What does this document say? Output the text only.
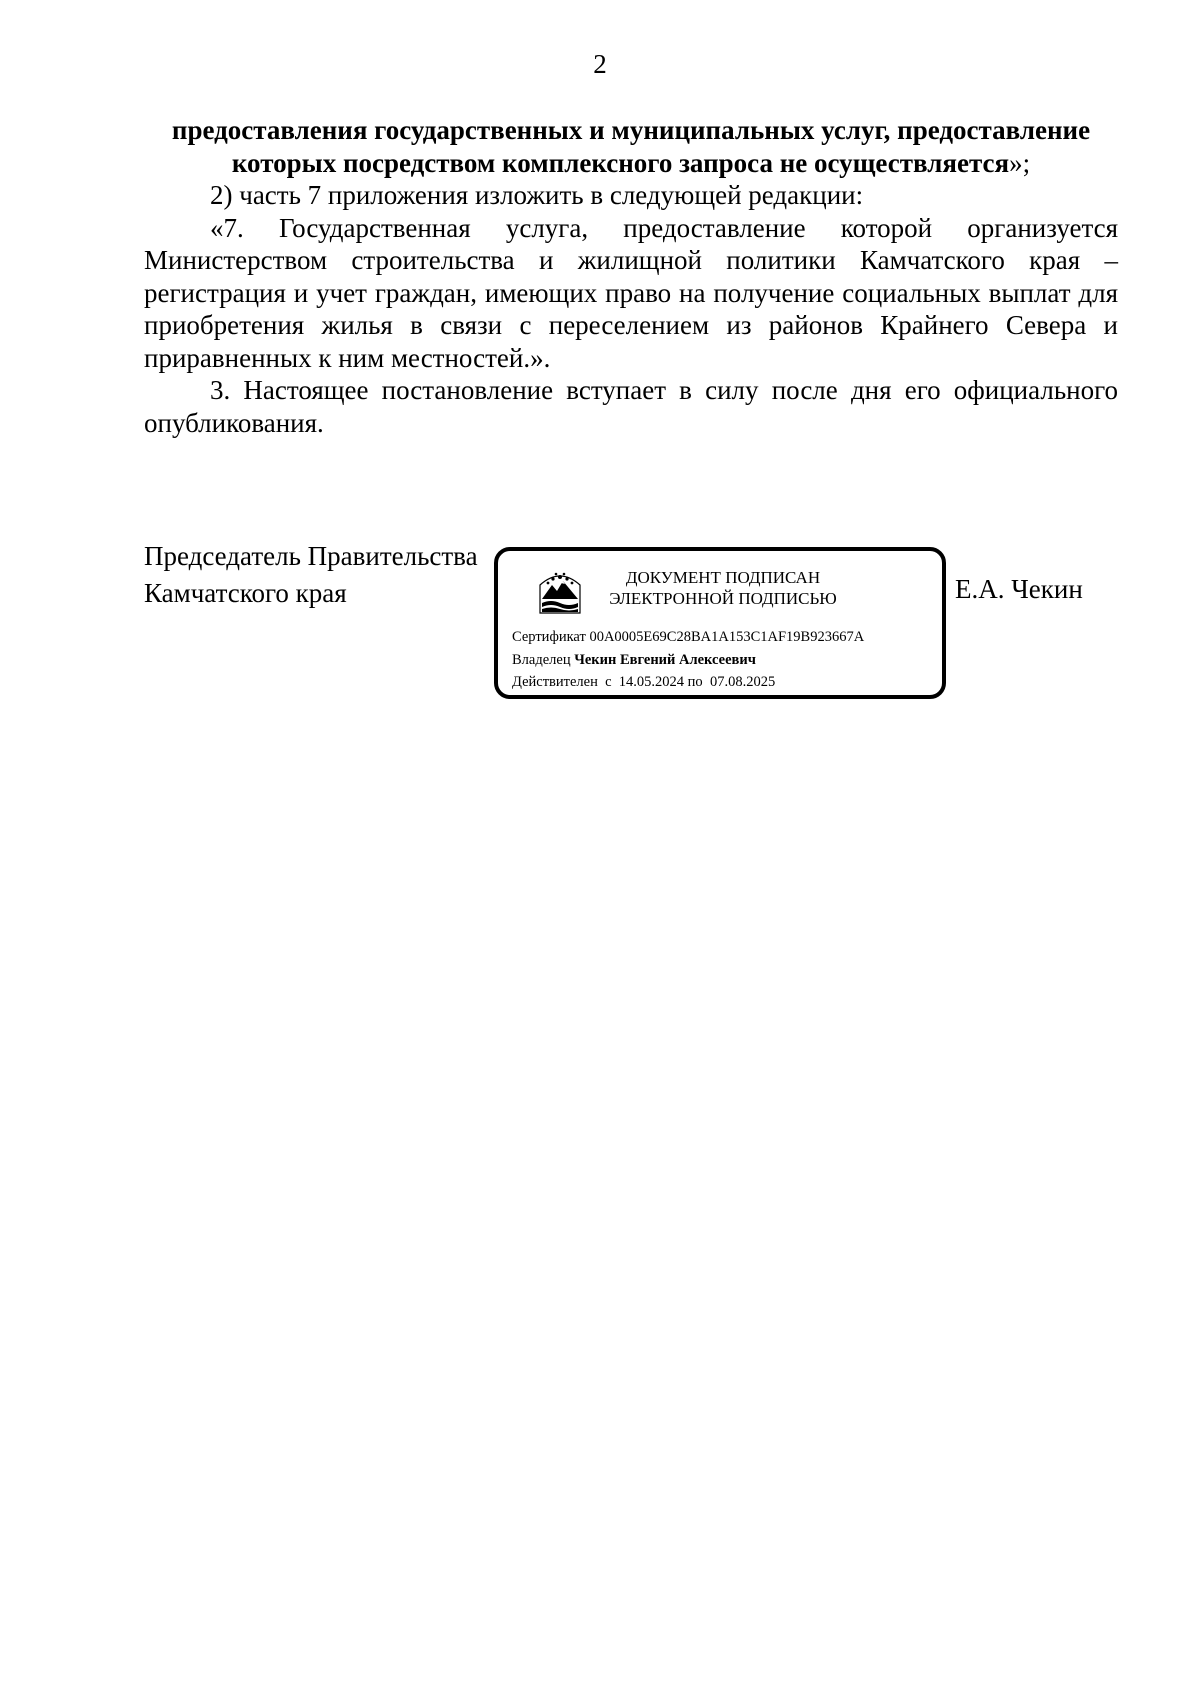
2

предоставления государственных и муниципальных услуг, предоставление
которых посредством комплексного запроса не осуществляется»;

2) часть 7 приложения изложить в следующей редакции:

«7. Государственная услуга, предоставление которой организуется Министерством строительства и жилищной политики Камчатского края – регистрация и учет граждан, имеющих право на получение социальных выплат для приобретения жилья в связи с переселением из районов Крайнего Севера и приравненных к ним местностей.».

3. Настоящее постановление вступает в силу после дня его официального опубликования.

Председатель Правительства
Камчатского края
ДОКУМЕНТ ПОДПИСАН
ЭЛЕКТРОННОЙ ПОДПИСЬЮ
Сертификат 00A0005E69C28BA1A153C1AF19B923667A
Владелец Чекин Евгений Алексеевич
Действителен с 14.05.2024 по 07.08.2025
Е.А. Чекин
